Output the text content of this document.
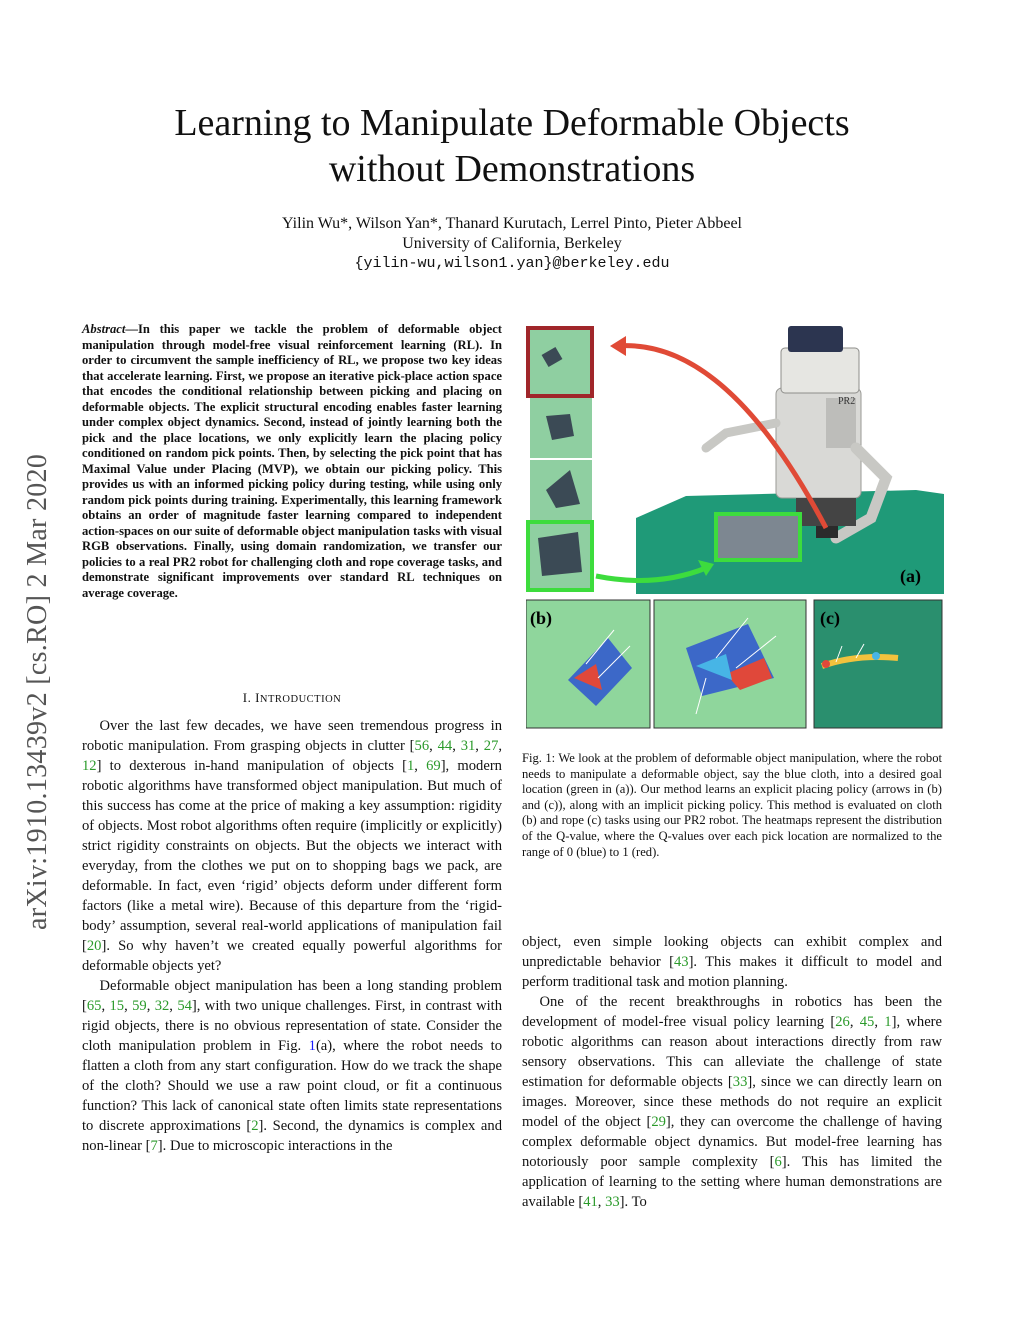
Learning to Manipulate Deformable Objects
without Demonstrations
Yilin Wu*, Wilson Yan*, Thanard Kurutach, Lerrel Pinto, Pieter Abbeel
University of California, Berkeley
{yilin-wu,wilson1.yan}@berkeley.edu
arXiv:1910.13439v2 [cs.RO] 2 Mar 2020
Abstract—In this paper we tackle the problem of deformable object manipulation through model-free visual reinforcement learning (RL). In order to circumvent the sample inefficiency of RL, we propose two key ideas that accelerate learning. First, we propose an iterative pick-place action space that encodes the conditional relationship between picking and placing on deformable objects. The explicit structural encoding enables faster learning under complex object dynamics. Second, instead of jointly learning both the pick and the place locations, we only explicitly learn the placing policy conditioned on random pick points. Then, by selecting the pick point that has Maximal Value under Placing (MVP), we obtain our picking policy. This provides us with an informed picking policy during testing, while using only random pick points during training. Experimentally, this learning framework obtains an order of magnitude faster learning compared to independent action-spaces on our suite of deformable object manipulation tasks with visual RGB observations. Finally, using domain randomization, we transfer our policies to a real PR2 robot for challenging cloth and rope coverage tasks, and demonstrate significant improvements over standard RL techniques on average coverage.
I. INTRODUCTION

Over the last few decades, we have seen tremendous progress in robotic manipulation. From grasping objects in clutter [56, 44, 31, 27, 12] to dexterous in-hand manipulation of objects [1, 69], modern robotic algorithms have transformed object manipulation. But much of this success has come at the price of making a key assumption: rigidity of objects. Most robot algorithms often require (implicitly or explicitly) strict rigidity constraints on objects. But the objects we interact with everyday, from the clothes we put on to shopping bags we pack, are deformable. In fact, even ‘rigid’ objects deform under different form factors (like a metal wire). Because of this departure from the ‘rigid-body’ assumption, several real-world applications of manipulation fail [20]. So why haven’t we created equally powerful algorithms for deformable objects yet?

Deformable object manipulation has been a long standing problem [65, 15, 59, 32, 54], with two unique challenges. First, in contrast with rigid objects, there is no obvious representation of state. Consider the cloth manipulation problem in Fig. 1(a), where the robot needs to flatten a cloth from any start configuration. How do we track the shape of the cloth? Should we use a raw point cloud, or fit a continuous function? This lack of canonical state often limits state representations to discrete approximations [2]. Second, the dynamics is complex and non-linear [7]. Due to microscopic interactions in the

object, even simple looking objects can exhibit complex and unpredictable behavior [43]. This makes it difficult to model and perform traditional task and motion planning.

One of the recent breakthroughs in robotics has been the development of model-free visual policy learning [26, 45, 1], where robotic algorithms can reason about interactions directly from raw sensory observations. This can alleviate the challenge of state estimation for deformable objects [33], since we can directly learn on images. Moreover, since these methods do not require an explicit model of the object [29], they can overcome the challenge of having complex deformable object dynamics. But model-free learning has notoriously poor sample complexity [6]. This has limited the application of learning to the setting where human demonstrations are available [41, 33]. To

(a)
PR2
(b)	(c)
Fig. 1: We look at the problem of deformable object manipulation, where the robot needs to manipulate a deformable object, say the blue cloth, into a desired goal location (green in (a)). Our method learns an explicit placing policy (arrows in (b) and (c)), along with an implicit picking policy. This method is evaluated on cloth (b) and rope (c) tasks using our PR2 robot. The heatmaps represent the distribution of the Q-value, where the Q-values over each pick location are normalized to the range of 0 (blue) to 1 (red).
